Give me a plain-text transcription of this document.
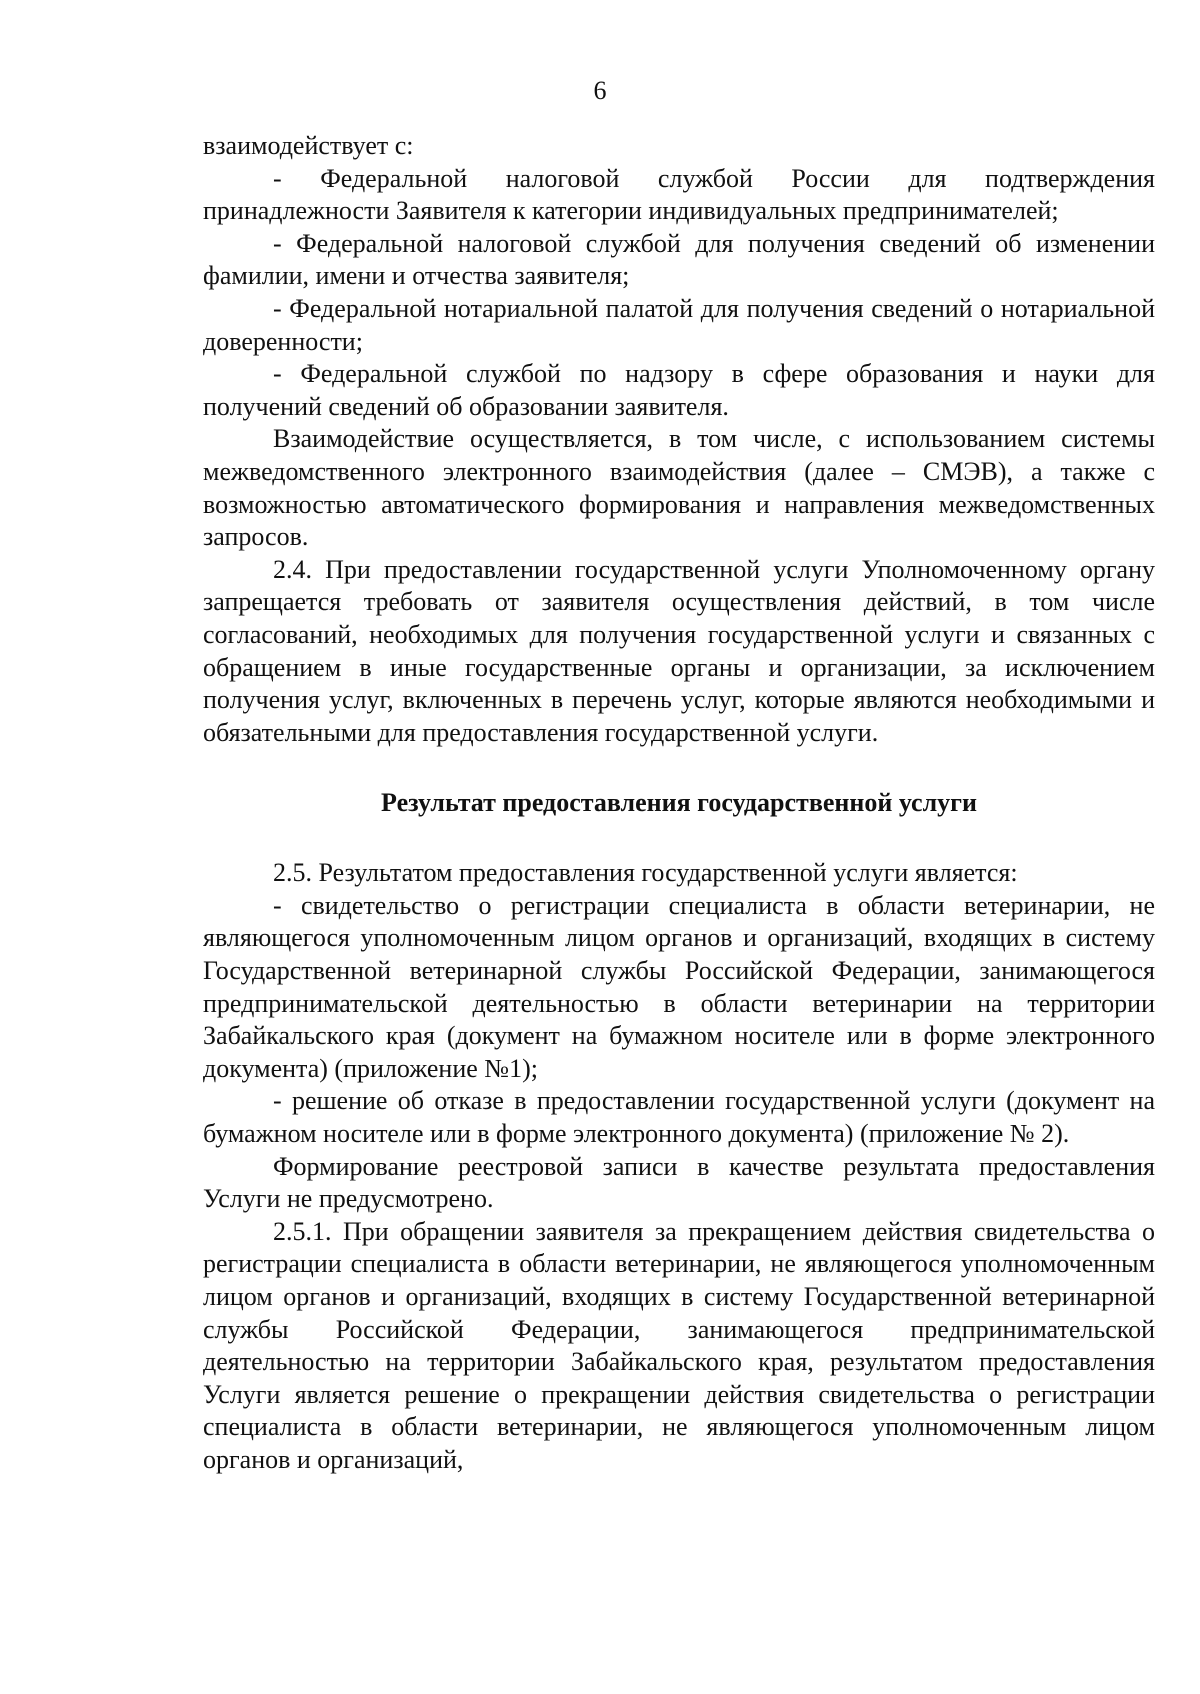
6

взаимодействует с:

- Федеральной налоговой службой России для подтверждения принадлежности Заявителя к категории индивидуальных предпринимателей;

- Федеральной налоговой службой для получения сведений об изменении фамилии, имени и отчества заявителя;

- Федеральной нотариальной палатой для получения сведений о нотариальной доверенности;

- Федеральной службой по надзору в сфере образования и науки для получений сведений об образовании заявителя.

Взаимодействие осуществляется, в том числе, с использованием системы межведомственного электронного взаимодействия (далее – СМЭВ), а также с возможностью автоматического формирования и направления межведомственных запросов.

2.4. При предоставлении государственной услуги Уполномоченному органу запрещается требовать от заявителя осуществления действий, в том числе согласований, необходимых для получения государственной услуги и связанных с обращением в иные государственные органы и организации, за исключением получения услуг, включенных в перечень услуг, которые являются необходимыми и обязательными для предоставления государственной услуги.

Результат предоставления государственной услуги

2.5. Результатом предоставления государственной услуги является:

- свидетельство о регистрации специалиста в области ветеринарии, не являющегося уполномоченным лицом органов и организаций, входящих в систему Государственной ветеринарной службы Российской Федерации, занимающегося предпринимательской деятельностью в области ветеринарии на территории Забайкальского края (документ на бумажном носителе или в форме электронного документа) (приложение №1);

- решение об отказе в предоставлении государственной услуги (документ на бумажном носителе или в форме электронного документа) (приложение № 2).

Формирование реестровой записи в качестве результата предоставления Услуги не предусмотрено.

2.5.1. При обращении заявителя за прекращением действия свидетельства о регистрации специалиста в области ветеринарии, не являющегося уполномоченным лицом органов и организаций, входящих в систему Государственной ветеринарной службы Российской Федерации, занимающегося предпринимательской деятельностью на территории Забайкальского края, результатом предоставления Услуги является решение о прекращении действия свидетельства о регистрации специалиста в области ветеринарии, не являющегося уполномоченным лицом органов и организаций,
